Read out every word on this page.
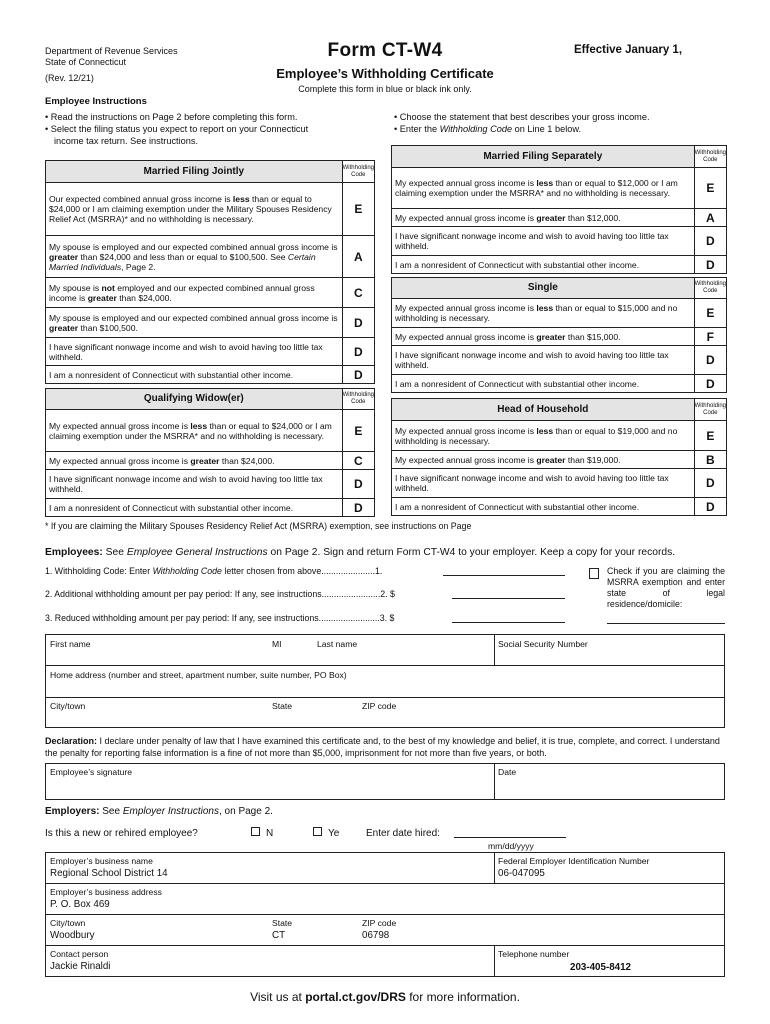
Department of Revenue Services
State of Connecticut
(Rev. 12/21)
Form CT-W4
Employee’s Withholding Certificate
Complete this form in blue or black ink only.
Effective January 1,
Employee Instructions
• Read the instructions on Page 2 before completing this form.
• Select the filing status you expect to report on your Connecticut
income tax return. See instructions.
• Choose the statement that best describes your gross income.
• Enter the Withholding Code on Line 1 below.
Married Filing Jointly	Withholding Code
Our expected combined annual gross income is less than or equal to $24,000 or I am claiming exemption under the Military Spouses Residency Relief Act (MSRRA)* and no withholding is necessary.	E
My spouse is employed and our expected combined annual gross income is greater than $24,000 and less than or equal to $100,500. See Certain Married Individuals, Page 2.	A
My spouse is not employed and our expected combined annual gross income is greater than $24,000.	C
My spouse is employed and our expected combined annual gross income is greater than $100,500.	D
I have significant nonwage income and wish to avoid having too little tax withheld.	D
I am a nonresident of Connecticut with substantial other income.	D
Qualifying Widow(er)	Withholding Code
My expected annual gross income is less than or equal to $24,000 or I am claiming exemption under the MSRRA* and no withholding is necessary.	E
My expected annual gross income is greater than $24,000.	C
I have significant nonwage income and wish to avoid having too little tax withheld.	D
I am a nonresident of Connecticut with substantial other income.	D
Married Filing Separately	Withholding Code
My expected annual gross income is less than or equal to $12,000 or I am claiming exemption under the MSRRA* and no withholding is necessary.	E
My expected annual gross income is greater than $12,000.	A
I have significant nonwage income and wish to avoid having too little tax withheld.	D
I am a nonresident of Connecticut with substantial other income.	D
Single	Withholding Code
My expected annual gross income is less than or equal to $15,000 and no withholding is necessary.	E
My expected annual gross income is greater than $15,000.	F
I have significant nonwage income and wish to avoid having too little tax withheld.	D
I am a nonresident of Connecticut with substantial other income.	D
Head of Household	Withholding Code
My expected annual gross income is less than or equal to $19,000 and no withholding is necessary.	E
My expected annual gross income is greater than $19,000.	B
I have significant nonwage income and wish to avoid having too little tax withheld.	D
I am a nonresident of Connecticut with substantial other income.	D
* If you are claiming the Military Spouses Residency Relief Act (MSRRA) exemption, see instructions on Page
Employees: See Employee General Instructions on Page 2. Sign and return Form CT-W4 to your employer. Keep a copy for your records.
1. Withholding Code: Enter Withholding Code letter chosen from above......................1.
2. Additional withholding amount per pay period: If any, see instructions........................2. $
3. Reduced withholding amount per pay period: If any, see instructions.........................3. $
Check if you are claiming the MSRRA exemption and enter state of legal residence/domicile:
First name	MI	Last name	Social Security Number
Home address (number and street, apartment number, suite number, PO Box)
City/town	State	ZIP code
Declaration: I declare under penalty of law that I have examined this certificate and, to the best of my knowledge and belief, it is true, complete, and correct. I understand the penalty for reporting false information is a fine of not more than $5,000, imprisonment for not more than five years, or both.
Employee’s signature	Date
Employers: See Employer Instructions, on Page 2.
Is this a new or rehired employee?	N	Ye	Enter date hired:
mm/dd/yyyy
Employer’s business name
Regional School District 14
Federal Employer Identification Number
06-047095
Employer’s business address
P. O. Box 469
City/town
Woodbury
State
CT
ZIP code
06798
Contact person
Jackie Rinaldi
Telephone number
203-405-8412
Visit us at portal.ct.gov/DRS for more information.
